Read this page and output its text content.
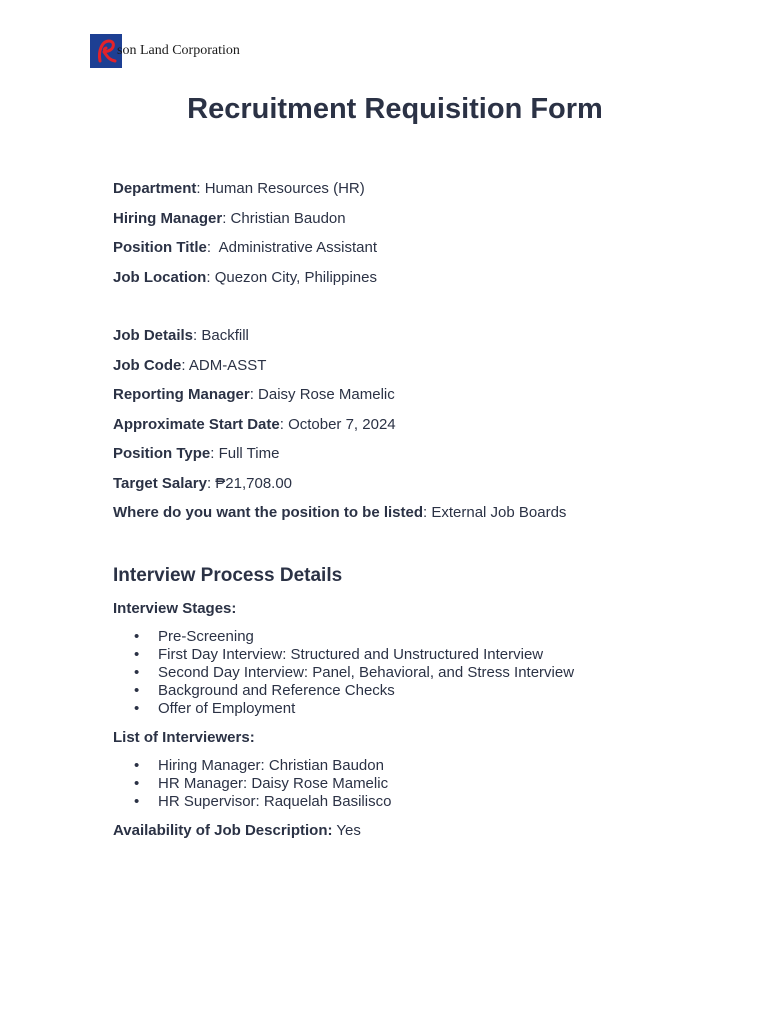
son Land Corporation
Recruitment Requisition Form
Department: Human Resources (HR)
Hiring Manager: Christian Baudon
Position Title:  Administrative Assistant
Job Location: Quezon City, Philippines
Job Details: Backfill
Job Code: ADM-ASST
Reporting Manager: Daisy Rose Mamelic
Approximate Start Date: October 7, 2024
Position Type: Full Time
Target Salary: ₱21,708.00
Where do you want the position to be listed: External Job Boards
Interview Process Details
Interview Stages:
• Pre-Screening
• First Day Interview: Structured and Unstructured Interview
• Second Day Interview: Panel, Behavioral, and Stress Interview
• Background and Reference Checks
• Offer of Employment
List of Interviewers:
• Hiring Manager: Christian Baudon
• HR Manager: Daisy Rose Mamelic
• HR Supervisor: Raquelah Basilisco
Availability of Job Description: Yes
